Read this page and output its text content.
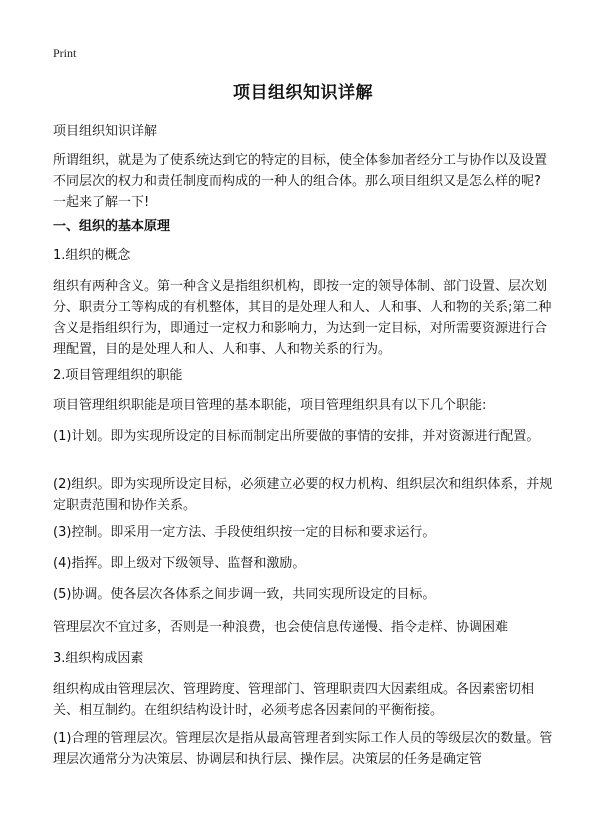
Print
项目组织知识详解

项目组织知识详解

所谓组织，就是为了使系统达到它的特定的目标，使全体参加者经分工与协作以及设置不同层次的权力和责任制度而构成的一种人的组合体。那么项目组织又是怎么样的呢?一起来了解一下!

一、组织的基本原理

1.组织的概念

组织有两种含义。第一种含义是指组织机构，即按一定的领导体制、部门设置、层次划分、职责分工等构成的有机整体，其目的是处理人和人、人和事、人和物的关系;第二种含义是指组织行为，即通过一定权力和影响力，为达到一定目标，对所需要资源进行合理配置，目的是处理人和人、人和事、人和物关系的行为。

2.项目管理组织的职能

项目管理组织职能是项目管理的基本职能，项目管理组织具有以下几个职能:

(1)计划。即为实现所设定的目标而制定出所要做的事情的安排，并对资源进行配置。

(2)组织。即为实现所设定目标，必须建立必要的权力机构、组织层次和组织体系，并规定职责范围和协作关系。

(3)控制。即采用一定方法、手段使组织按一定的目标和要求运行。

(4)指挥。即上级对下级领导、监督和激励。

(5)协调。使各层次各体系之间步调一致，共同实现所设定的目标。

管理层次不宜过多，否则是一种浪费，也会使信息传递慢、指令走样、协调困难

3.组织构成因素

组织构成由管理层次、管理跨度、管理部门、管理职责四大因素组成。各因素密切相关、相互制约。在组织结构设计时，必须考虑各因素间的平衡衔接。

(1)合理的管理层次。管理层次是指从最高管理者到实际工作人员的等级层次的数量。管理层次通常分为决策层、协调层和执行层、操作层。决策层的任务是确定管
